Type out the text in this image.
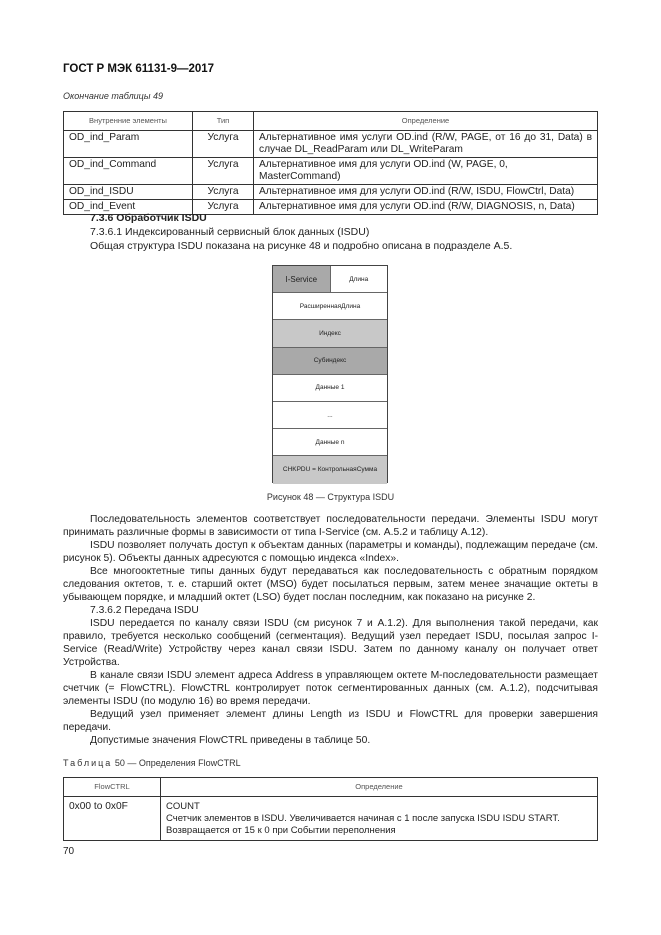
ГОСТ Р МЭК 61131-9—2017
Окончание таблицы 49
Внутренние элементы	Тип	Определение
OD_ind_Param	Услуга	Альтернативное имя услуги OD.ind (R/W, PAGE, от 16 до 31, Data) в случае DL_ReadParam или DL_WriteParam
OD_ind_Command	Услуга	Альтернативное имя для услуги OD.ind (W, PAGE, 0, MasterCommand)
OD_ind_ISDU	Услуга	Альтернативное имя для услуги OD.ind (R/W, ISDU, FlowCtrl, Data)
OD_ind_Event	Услуга	Альтернативное имя для услуги OD.ind (R/W, DIAGNOSIS, n, Data)
7.3.6 Обработчик ISDU
7.3.6.1 Индексированный сервисный блок данных (ISDU)
Общая структура ISDU показана на рисунке 48 и подробно описана в подразделе А.5.
I-Service	Длина
РасширеннаяДлина
Индекс
Субиндекс
Данные 1
...
Данные n
CHKPDU = КонтрольнаяСумма
Рисунок 48 — Структура ISDU

Последовательность элементов соответствует последовательности передачи. Элементы ISDU могут принимать различные формы в зависимости от типа I-Service (см. А.5.2 и таблицу А.12).

ISDU позволяет получать доступ к объектам данных (параметры и команды), подлежащим передаче (см. рисунок 5). Объекты данных адресуются с помощью индекса «Index».

Все многооктетные типы данных будут передаваться как последовательность с обратным порядком следования октетов, т. е. старший октет (MSO) будет посылаться первым, затем менее значащие октеты в убывающем порядке, и младший октет (LSO) будет послан последним, как показано на рисунке 2.

7.3.6.2 Передача ISDU

ISDU передается по каналу связи ISDU (см рисунок 7 и А.1.2). Для выполнения такой передачи, как правило, требуется несколько сообщений (сегментация). Ведущий узел передает ISDU, посылая запрос I-Service (Read/Write) Устройству через канал связи ISDU. Затем по данному каналу он получает ответ Устройства.

В канале связи ISDU элемент адреса Address в управляющем октете М-последовательности размещает счетчик (= FlowCTRL). FlowCTRL контролирует поток сегментированных данных (см. А.1.2), подсчитывая элементы ISDU (по модулю 16) во время передачи.

Ведущий узел применяет элемент длины Length из ISDU и FlowCTRL для проверки завершения передачи.

Допустимые значения FlowCTRL приведены в таблице 50.

Таблица 50 — Определения FlowCTRL
FlowCTRL	Определение
0x00 to 0x0F	COUNT
Счетчик элементов в ISDU. Увеличивается начиная с 1 после запуска ISDU ISDU START.
Возвращается от 15 к 0 при Событии переполнения
70
